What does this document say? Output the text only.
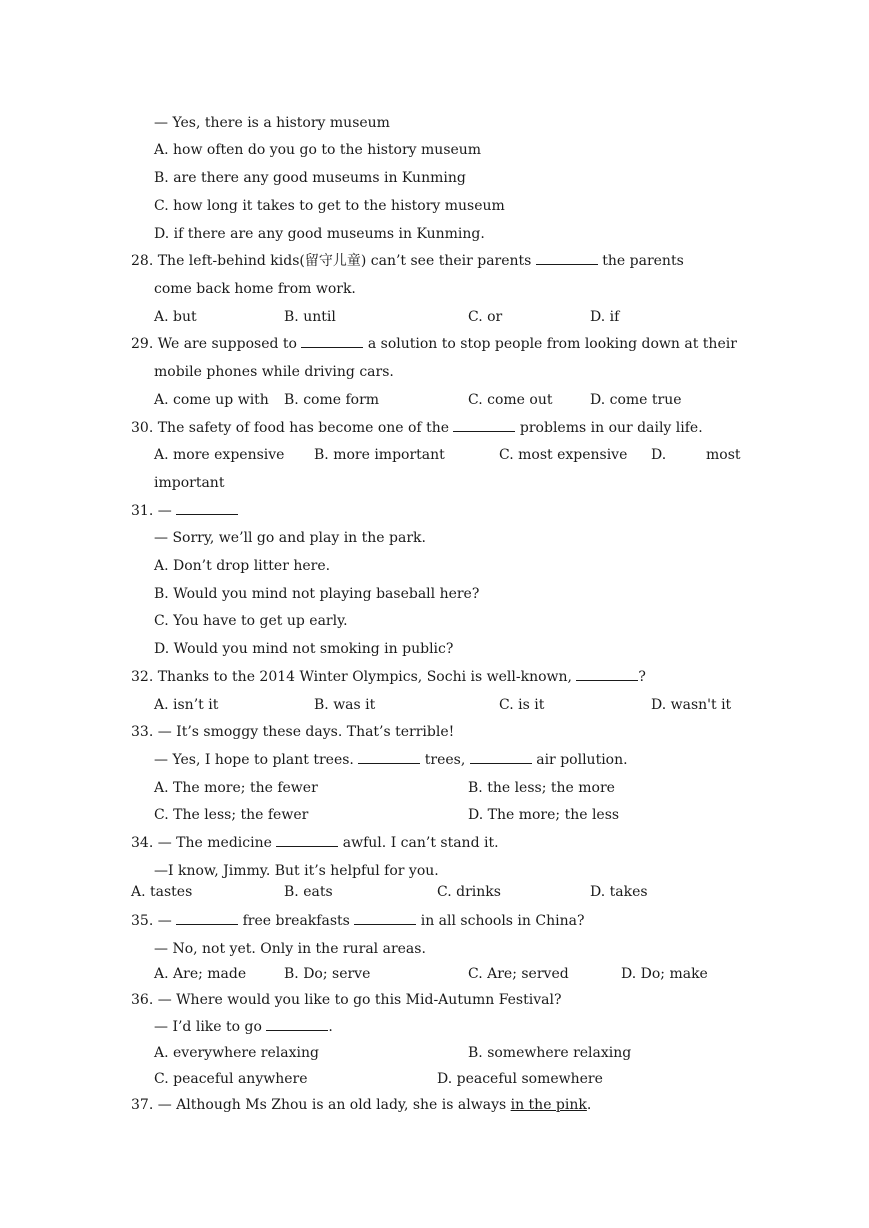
— Yes, there is a history museum
A. how often do you go to the history museum
B. are there any good museums in Kunming
C. how long it takes to get to the history museum
D. if there are any good museums in Kunming.
28. The left-behind kids(留守儿童) can’t see their parents	the parents
come back home from work.
A. but	B. until	C. or	D. if
29. We are supposed to	a solution to stop people from looking down at their
mobile phones while driving cars.
A. come up with B. come form	C. come out	D. come true
30. The safety of food has become one of the	problems in our daily life.
A. more expensive B. more important	C. most expensive D.	most
important
31. —
— Sorry, we’ll go and play in the park.
A. Don’t drop litter here.
B. Would you mind not playing baseball here?
C. You have to get up early.
D. Would you mind not smoking in public?
32. Thanks to the 2014 Winter Olympics, Sochi is well-known,	?
A. isn’t it	B. was it	C. is it	D. wasn't it
33. — It’s smoggy these days. That’s terrible!
— Yes, I hope to plant trees.	trees,	air pollution.
A. The more; the fewer	B. the less; the more
C. The less; the fewer	D. The more; the less
34. — The medicine	awful. I can’t stand it.
—I know, Jimmy. But it’s helpful for you.
A. tastes	B. eats	C. drinks	D. takes
35. —	free breakfasts	in all schools in China?
— No, not yet. Only in the rural areas.
A. Are; made	B. Do; serve	C. Are; served	D. Do; make
36. — Where would you like to go this Mid-Autumn Festival?
— I’d like to go	.
A. everywhere relaxing	B. somewhere relaxing
C. peaceful anywhere	D. peaceful somewhere
37. — Although Ms Zhou is an old lady, she is always in the pink.
